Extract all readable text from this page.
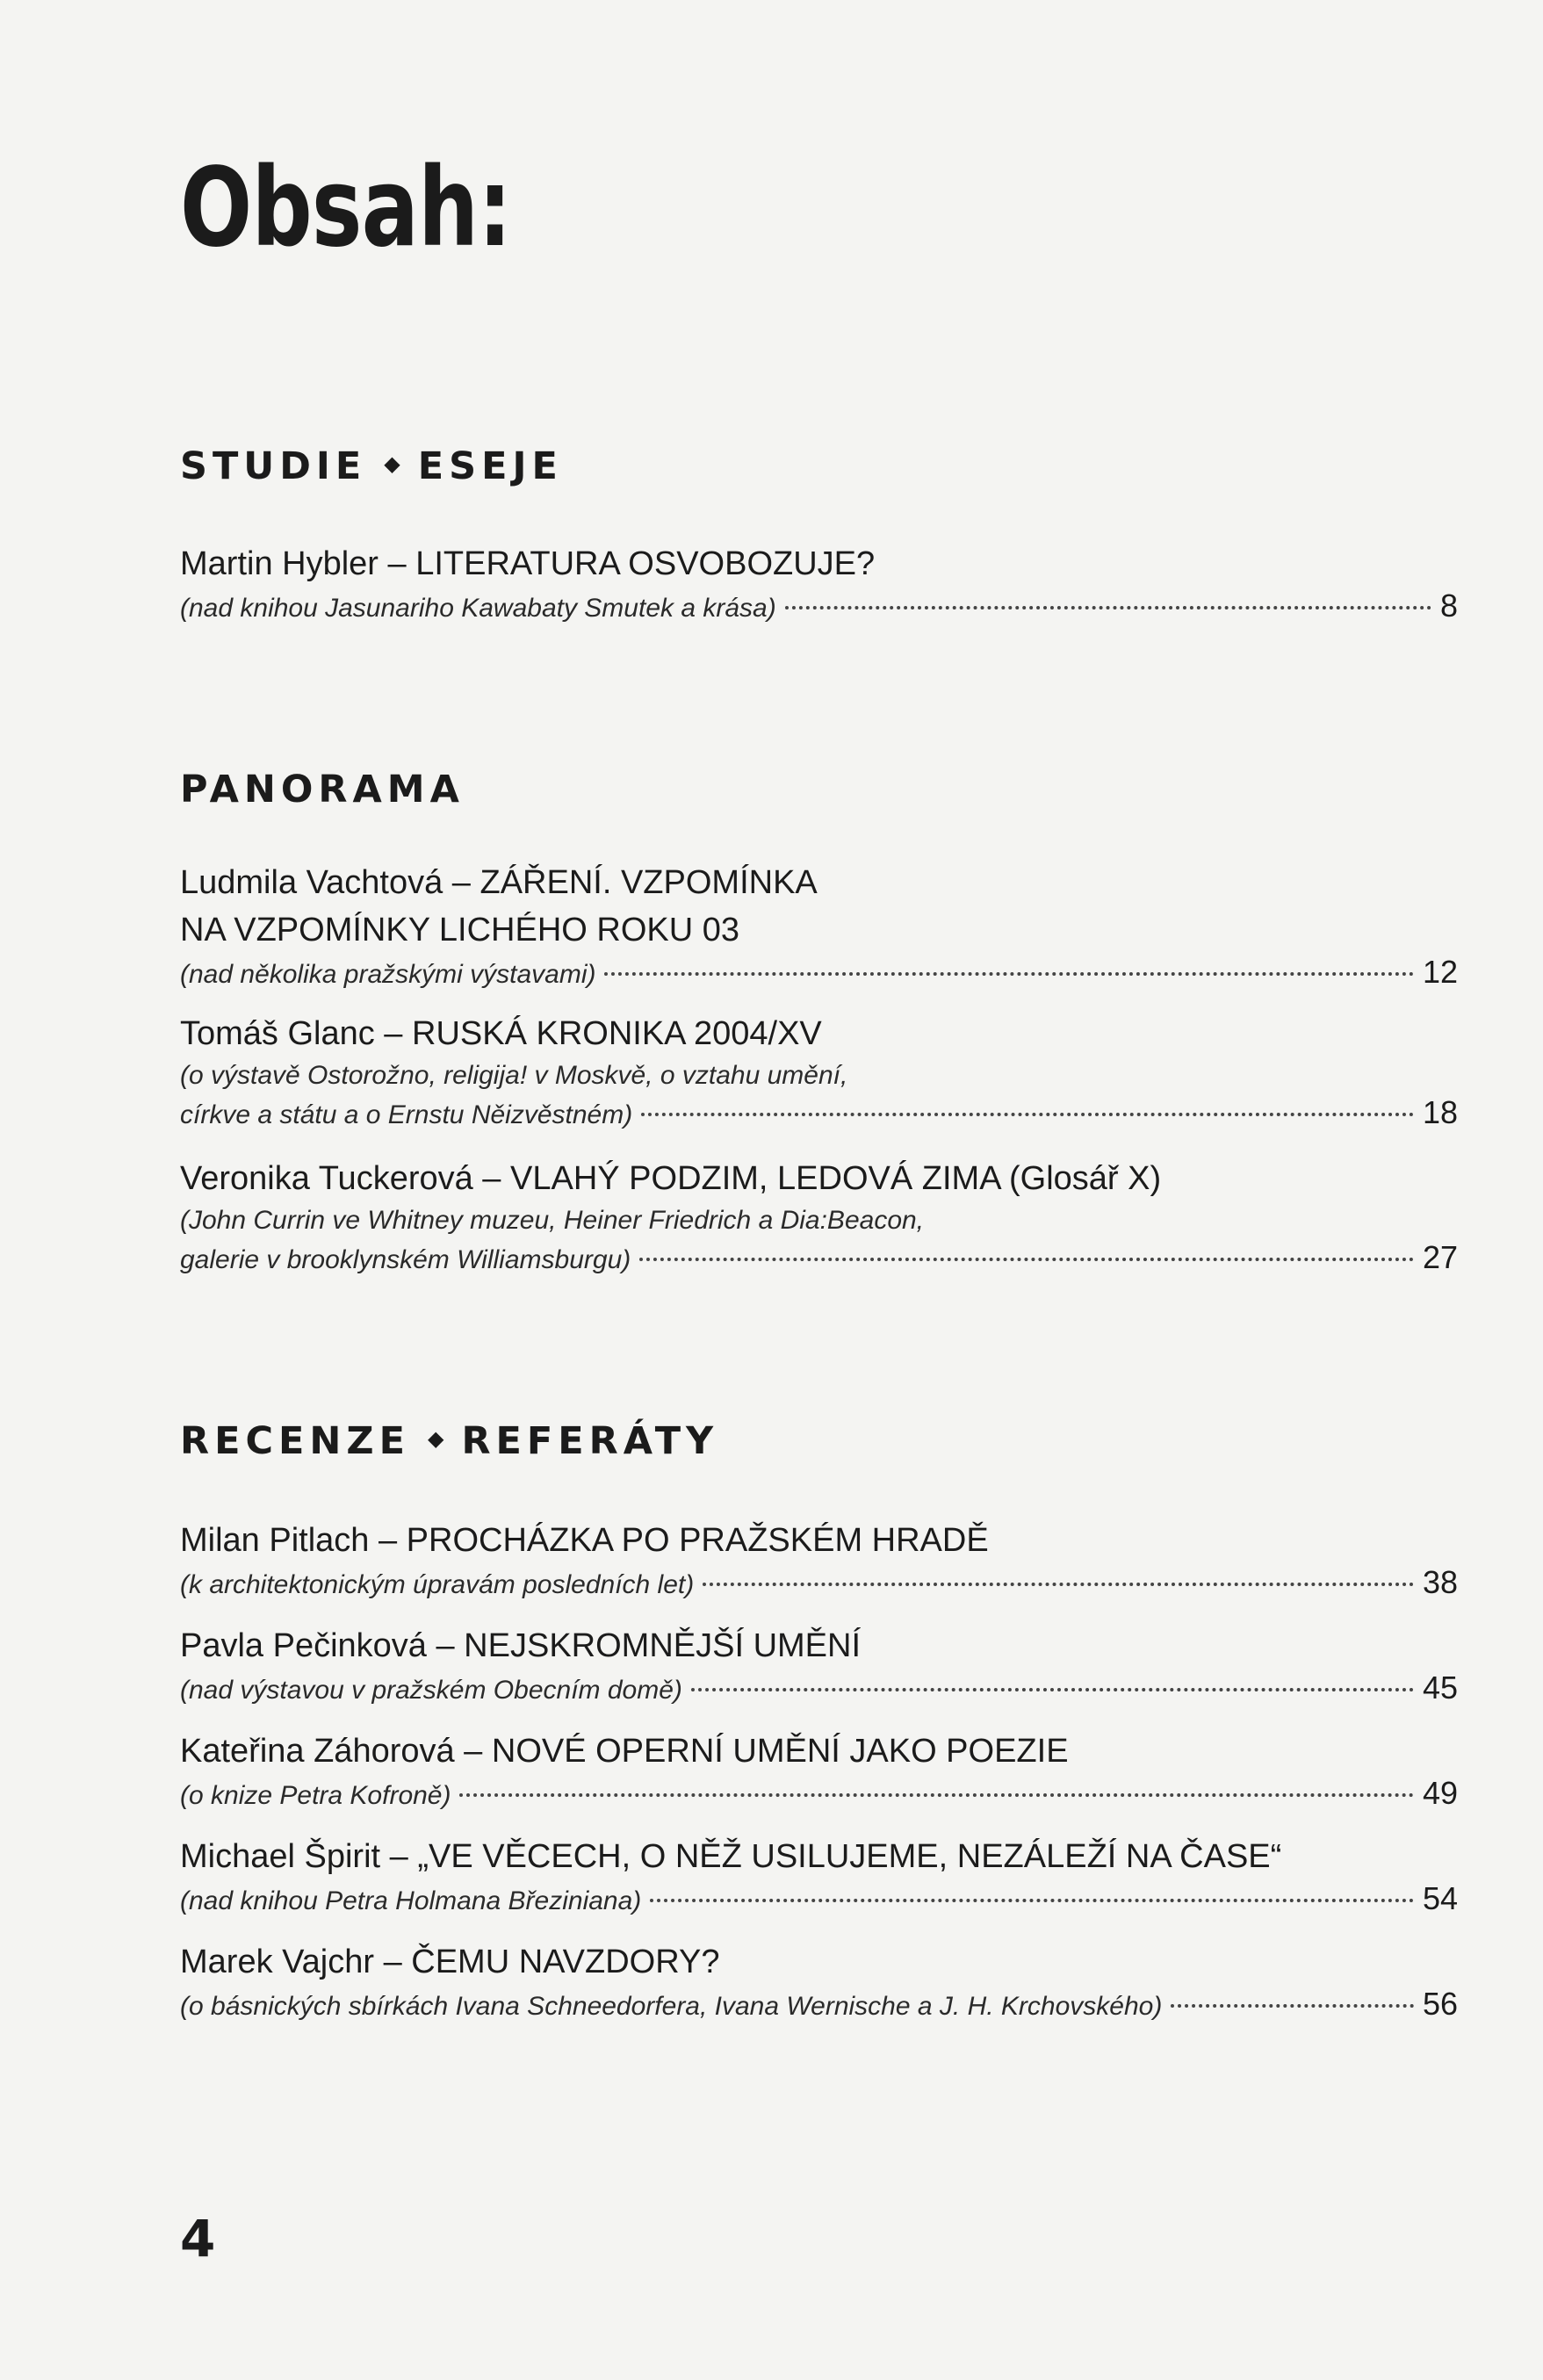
Obsah:
STUDIE ◆ ESEJE
Martin Hybler – LITERATURA OSVOBOZUJE?
(nad knihou Jasunariho Kawabaty Smutek a krása)	8
PANORAMA
Ludmila Vachtová – ZÁŘENÍ. VZPOMÍNKA
NA VZPOMÍNKY LICHÉHO ROKU 03
(nad několika pražskými výstavami)	12
Tomáš Glanc – RUSKÁ KRONIKA 2004/XV
(o výstavě Ostorožno, religija! v Moskvě, o vztahu umění,
církve a státu a o Ernstu Něizvěstném)	18
Veronika Tuckerová – VLAHÝ PODZIM, LEDOVÁ ZIMA (Glosář X)
(John Currin ve Whitney muzeu, Heiner Friedrich a Dia:Beacon,
galerie v brooklynském Williamsburgu)	27
RECENZE ◆ REFERÁTY
Milan Pitlach – PROCHÁZKA PO PRAŽSKÉM HRADĚ
(k architektonickým úpravám posledních let)	38
Pavla Pečinková – NEJSKROMNĚJŠÍ UMĚNÍ
(nad výstavou v pražském Obecním domě)	45
Kateřina Záhorová – NOVÉ OPERNÍ UMĚNÍ JAKO POEZIE
(o knize Petra Kofroně)	49
Michael Špirit – „VE VĚCECH, O NĚŽ USILUJEME, NEZÁLEŽÍ NA ČASE“
(nad knihou Petra Holmana Březiniana)	54
Marek Vajchr – ČEMU NAVZDORY?
(o básnických sbírkách Ivana Schneedorfera, Ivana Wernische a J. H. Krchovského)	56
4
